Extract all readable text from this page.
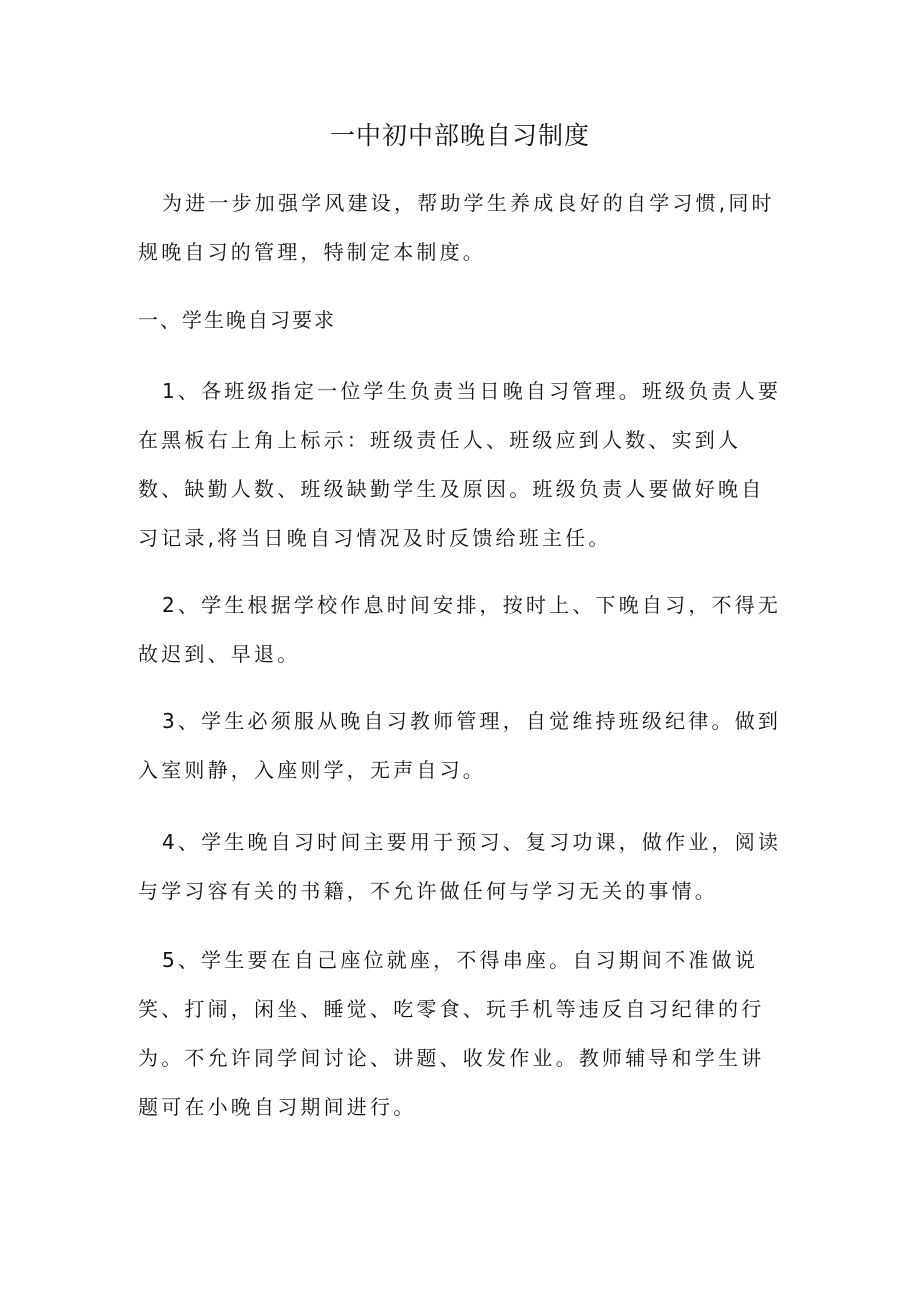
一中初中部晚自习制度

为进一步加强学风建设，帮助学生养成良好的自学习惯,同时规晚自习的管理，特制定本制度。

一、学生晚自习要求

1、各班级指定一位学生负责当日晚自习管理。班级负责人要在黑板右上角上标示：班级责任人、班级应到人数、实到人数、缺勤人数、班级缺勤学生及原因。班级负责人要做好晚自习记录,将当日晚自习情况及时反馈给班主任。

2、学生根据学校作息时间安排，按时上、下晚自习，不得无故迟到、早退。

3、学生必须服从晚自习教师管理，自觉维持班级纪律。做到入室则静，入座则学，无声自习。

4、学生晚自习时间主要用于预习、复习功课，做作业，阅读与学习容有关的书籍，不允许做任何与学习无关的事情。

5、学生要在自己座位就座，不得串座。自习期间不准做说笑、打闹，闲坐、睡觉、吃零食、玩手机等违反自习纪律的行为。不允许同学间讨论、讲题、收发作业。教师辅导和学生讲题可在小晚自习期间进行。
